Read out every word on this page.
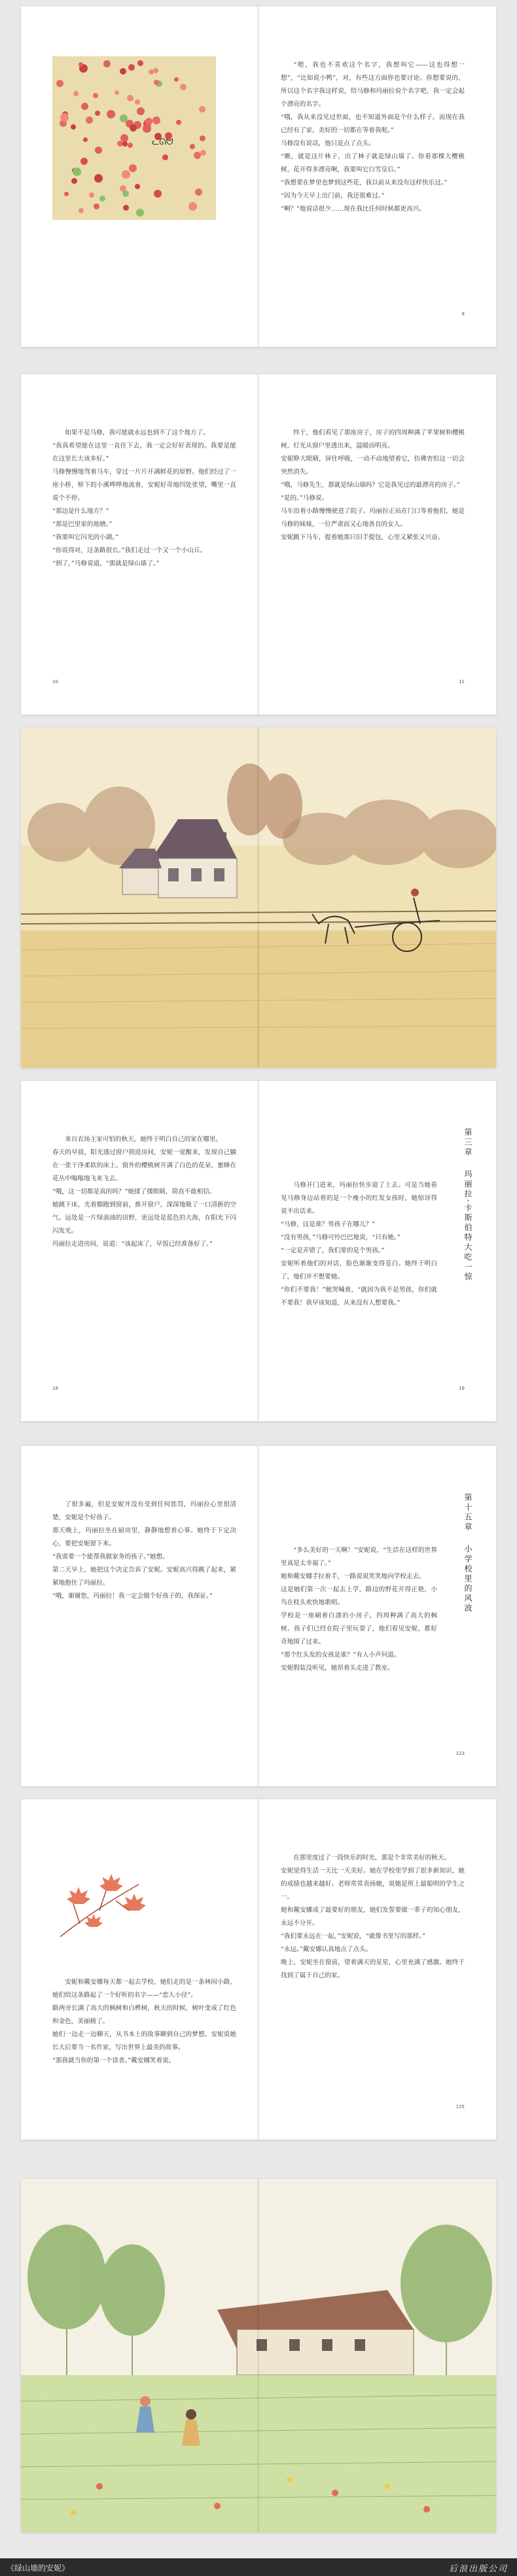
ᓚᘏᗢ
“嗯，我也不喜欢这个名字，我想叫它——这也得想一想”，“比如说小鸭”，对，有些这方面你也要讨论。你想要说的，所以这个名字我这样说，给马修和玛丽拉说个名字吧，我一定会起个漂亮的名字。
“哦，我从来没见过世面，也不知道外面是个什么样子。而现在我已经有了家，美好的一切都在等着我呢。”
马修没有说话，他只是点了点头。
“瞧，就是这片林子，出了林子就是绿山墙了。你看那棵大樱桃树，花开得多漂亮啊，我要叫它白雪皇后。”
“我想要在梦里也梦到这些花，我以前从来没有这样快乐过。”
“因为今天早上出门前，我还很难过。”
“啊？”他说话很少……现在我比任何时候都更高兴。
8
如果不是马修，我可能就永远也到不了这个地方了。
“我真希望能在这里一直住下去，我一定会好好表现的。我要是能在这里长大该多好。”
马修慢慢地驾着马车，穿过一片片开满鲜花的原野。他们经过了一座小桥，桥下的小溪哗哗地流着，安妮好奇地四处张望，嘴里一直说个不停。
“那边是什么地方？”
“那是巴里家的池塘。”
“我要叫它闪光的小湖。”
“你说得对，这条路很长。”我们走过一个又一个小山丘。
“到了，”马修说道，“那就是绿山墙了。”
10
终于，他们看见了那座房子，房子的四周种满了苹果树和樱桃树，灯光从窗户里透出来，温暖而明亮。
安妮睁大眼睛，屏住呼吸，一动不动地望着它，仿佛害怕这一切会突然消失。
“哦，马修先生，那就是绿山墙吗？它是我见过的最漂亮的房子。”
“是的。”马修说。
马车沿着小路慢慢驶进了院子。玛丽拉正站在门口等着他们，她是马修的妹妹，一位严肃而又心地善良的女人。
安妮跳下马车，提着她那只旧手提包，心里又紧张又兴奋。
11
来自农场主家可怕的秋天，她终于明白自己的家在哪里。
春天的早晨，阳光透过窗户照进房间，安妮一觉醒来，发现自己躺在一张干净柔软的床上。窗外的樱桃树开满了白色的花朵，蜜蜂在花丛中嗡嗡地飞来飞去。
“哦，这一切都是真的吗？”她揉了揉眼睛，简直不敢相信。
她跳下床，光着脚跑到窗前，推开窗户，深深地吸了一口清新的空气。远处是一片绿油油的田野，更远处是蓝色的大海，在阳光下闪闪发光。
玛丽拉走进房间，说道：“该起床了，早饭已经准备好了。”
18
第三章 玛丽拉·卡斯伯特大吃一惊
马修开门进来，玛丽拉快步迎了上去。可是当她看见马修身边站着的是一个瘦小的红发女孩时，她惊讶得说不出话来。
“马修，这是谁？男孩子在哪儿？”
“没有男孩，”马修可怜巴巴地说，“只有她。”
“一定是弄错了，我们要的是个男孩。”
安妮听着他们的对话，脸色渐渐变得苍白。她终于明白了，他们并不想要她。
“你们不要我！”她哭喊着，“就因为我不是男孩，你们就不要我！我早该知道，从来没有人想要我。”
19
了很多遍，但是安妮并没有受到任何惩罚，玛丽拉心里很清楚，安妮是个好孩子。
那天晚上，玛丽拉坐在厨房里，静静地想着心事。她终于下定决心，要把安妮留下来。
“我需要一个能帮我做家务的孩子。”她想。
第二天早上，她把这个决定告诉了安妮。安妮高兴得跳了起来，紧紧地抱住了玛丽拉。
“哦，谢谢您，玛丽拉！我一定会做个好孩子的，我保证。”
第十五章 小学校里的风波
“多么美好的一天啊！”安妮说，“生活在这样的世界里真是太幸福了。”
她和戴安娜手拉着手，一路说说笑笑地向学校走去。
这是她们第一次一起去上学，路边的野花开得正艳，小鸟在枝头欢快地歌唱。
学校是一座刷着白漆的小房子，四周种满了高大的枫树。孩子们已经在院子里玩耍了，他们看见安妮，都好奇地围了过来。
“那个红头发的女孩是谁？”有人小声问道。
安妮假装没听见，她昂着头走进了教室。
123
安妮和戴安娜每天都一起去学校，她们走的是一条林间小路，她们给这条路起了一个好听的名字——“恋人小径”。
路两旁长满了高大的枫树和白桦树，秋天的时候，树叶变成了红色和金色，美丽极了。
她们一边走一边聊天，从书本上的故事聊到自己的梦想。安妮说她长大后要当一名作家，写出世界上最美的故事。
“那我就当你的第一个读者。”戴安娜笑着说。
在那里度过了一段快乐的时光，那是个非常美好的秋天。
安妮觉得生活一天比一天美好。她在学校里学到了很多新知识，她的成绩也越来越好。老师常常表扬她，说她是班上最聪明的学生之一。
她和戴安娜成了最要好的朋友，她们发誓要做一辈子的知心朋友，永远不分开。
“我们要永远在一起，”安妮说，“就像书里写的那样。”
“永远。”戴安娜认真地点了点头。
晚上，安妮坐在窗前，望着满天的星星，心里充满了感激。她终于找到了属于自己的家。
125
《绿山墙的安妮》	后浪出版公司
